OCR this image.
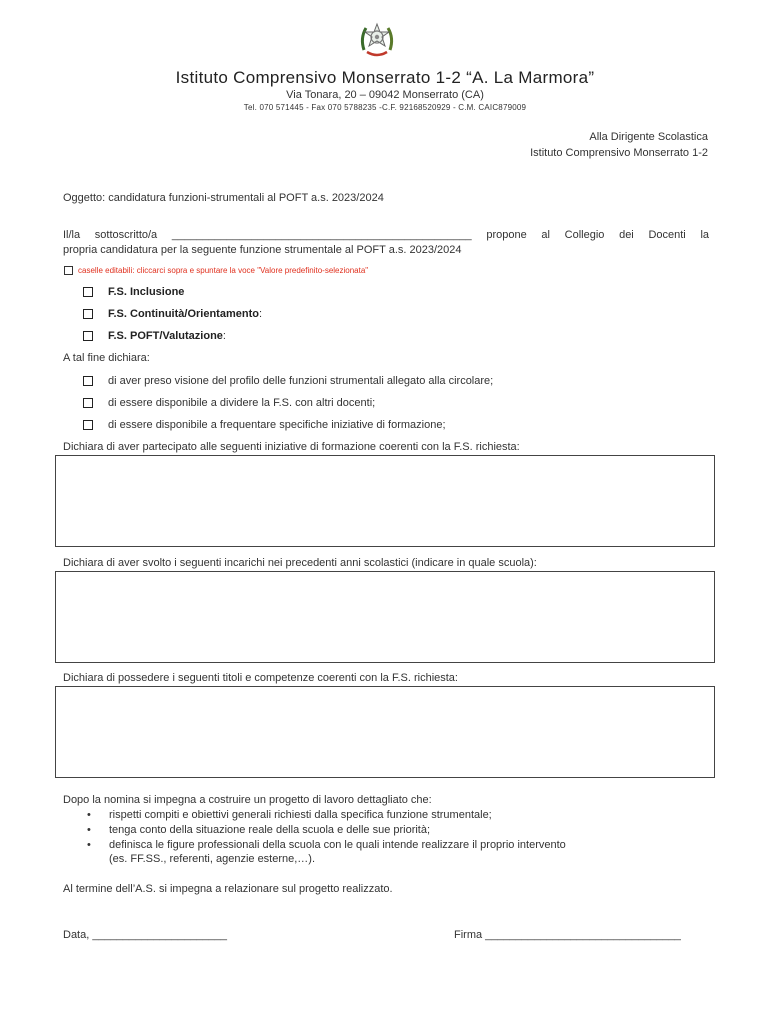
Istituto Comprensivo Monserrato 1-2 “A. La Marmora”
Via Tonara, 20 – 09042 Monserrato (CA)
Tel. 070 571445 - Fax 070 5788235 -C.F. 92168520929 - C.M. CAIC879009
Alla Dirigente Scolastica
Istituto Comprensivo Monserrato 1-2
Oggetto: candidatura funzioni-strumentali al POFT a.s. 2023/2024
Il/la sottoscritto/a _________________________________________________ propone al Collegio dei Docenti la
propria candidatura per la seguente funzione strumentale al POFT a.s. 2023/2024
caselle editabili: cliccarci sopra e spuntare la voce "Valore predefinito-selezionata"
F.S. Inclusione
F.S. Continuità/Orientamento :
F.S. POFT/Valutazione :
A tal fine dichiara:
di aver preso visione del profilo delle funzioni strumentali allegato alla circolare;
di essere disponibile a dividere la F.S. con altri docenti;
di essere disponibile a frequentare specifiche iniziative di formazione;
Dichiara di aver partecipato alle seguenti iniziative di formazione coerenti con la F.S. richiesta:
Dichiara di aver svolto i seguenti incarichi nei precedenti anni scolastici (indicare in quale scuola):
Dichiara di possedere i seguenti titoli e competenze coerenti con la F.S. richiesta:
Dopo la nomina si impegna a costruire un progetto di lavoro dettagliato che:
• rispetti compiti e obiettivi generali richiesti dalla specifica funzione strumentale;
• tenga conto della situazione reale della scuola e delle sue priorità;
• definisca le figure professionali della scuola con le quali intende realizzare il proprio intervento
(es. FF.SS., referenti, agenzie esterne,…).
Al termine dell’A.S. si impegna a relazionare sul progetto realizzato.
Data, ______________________	Firma ________________________________
